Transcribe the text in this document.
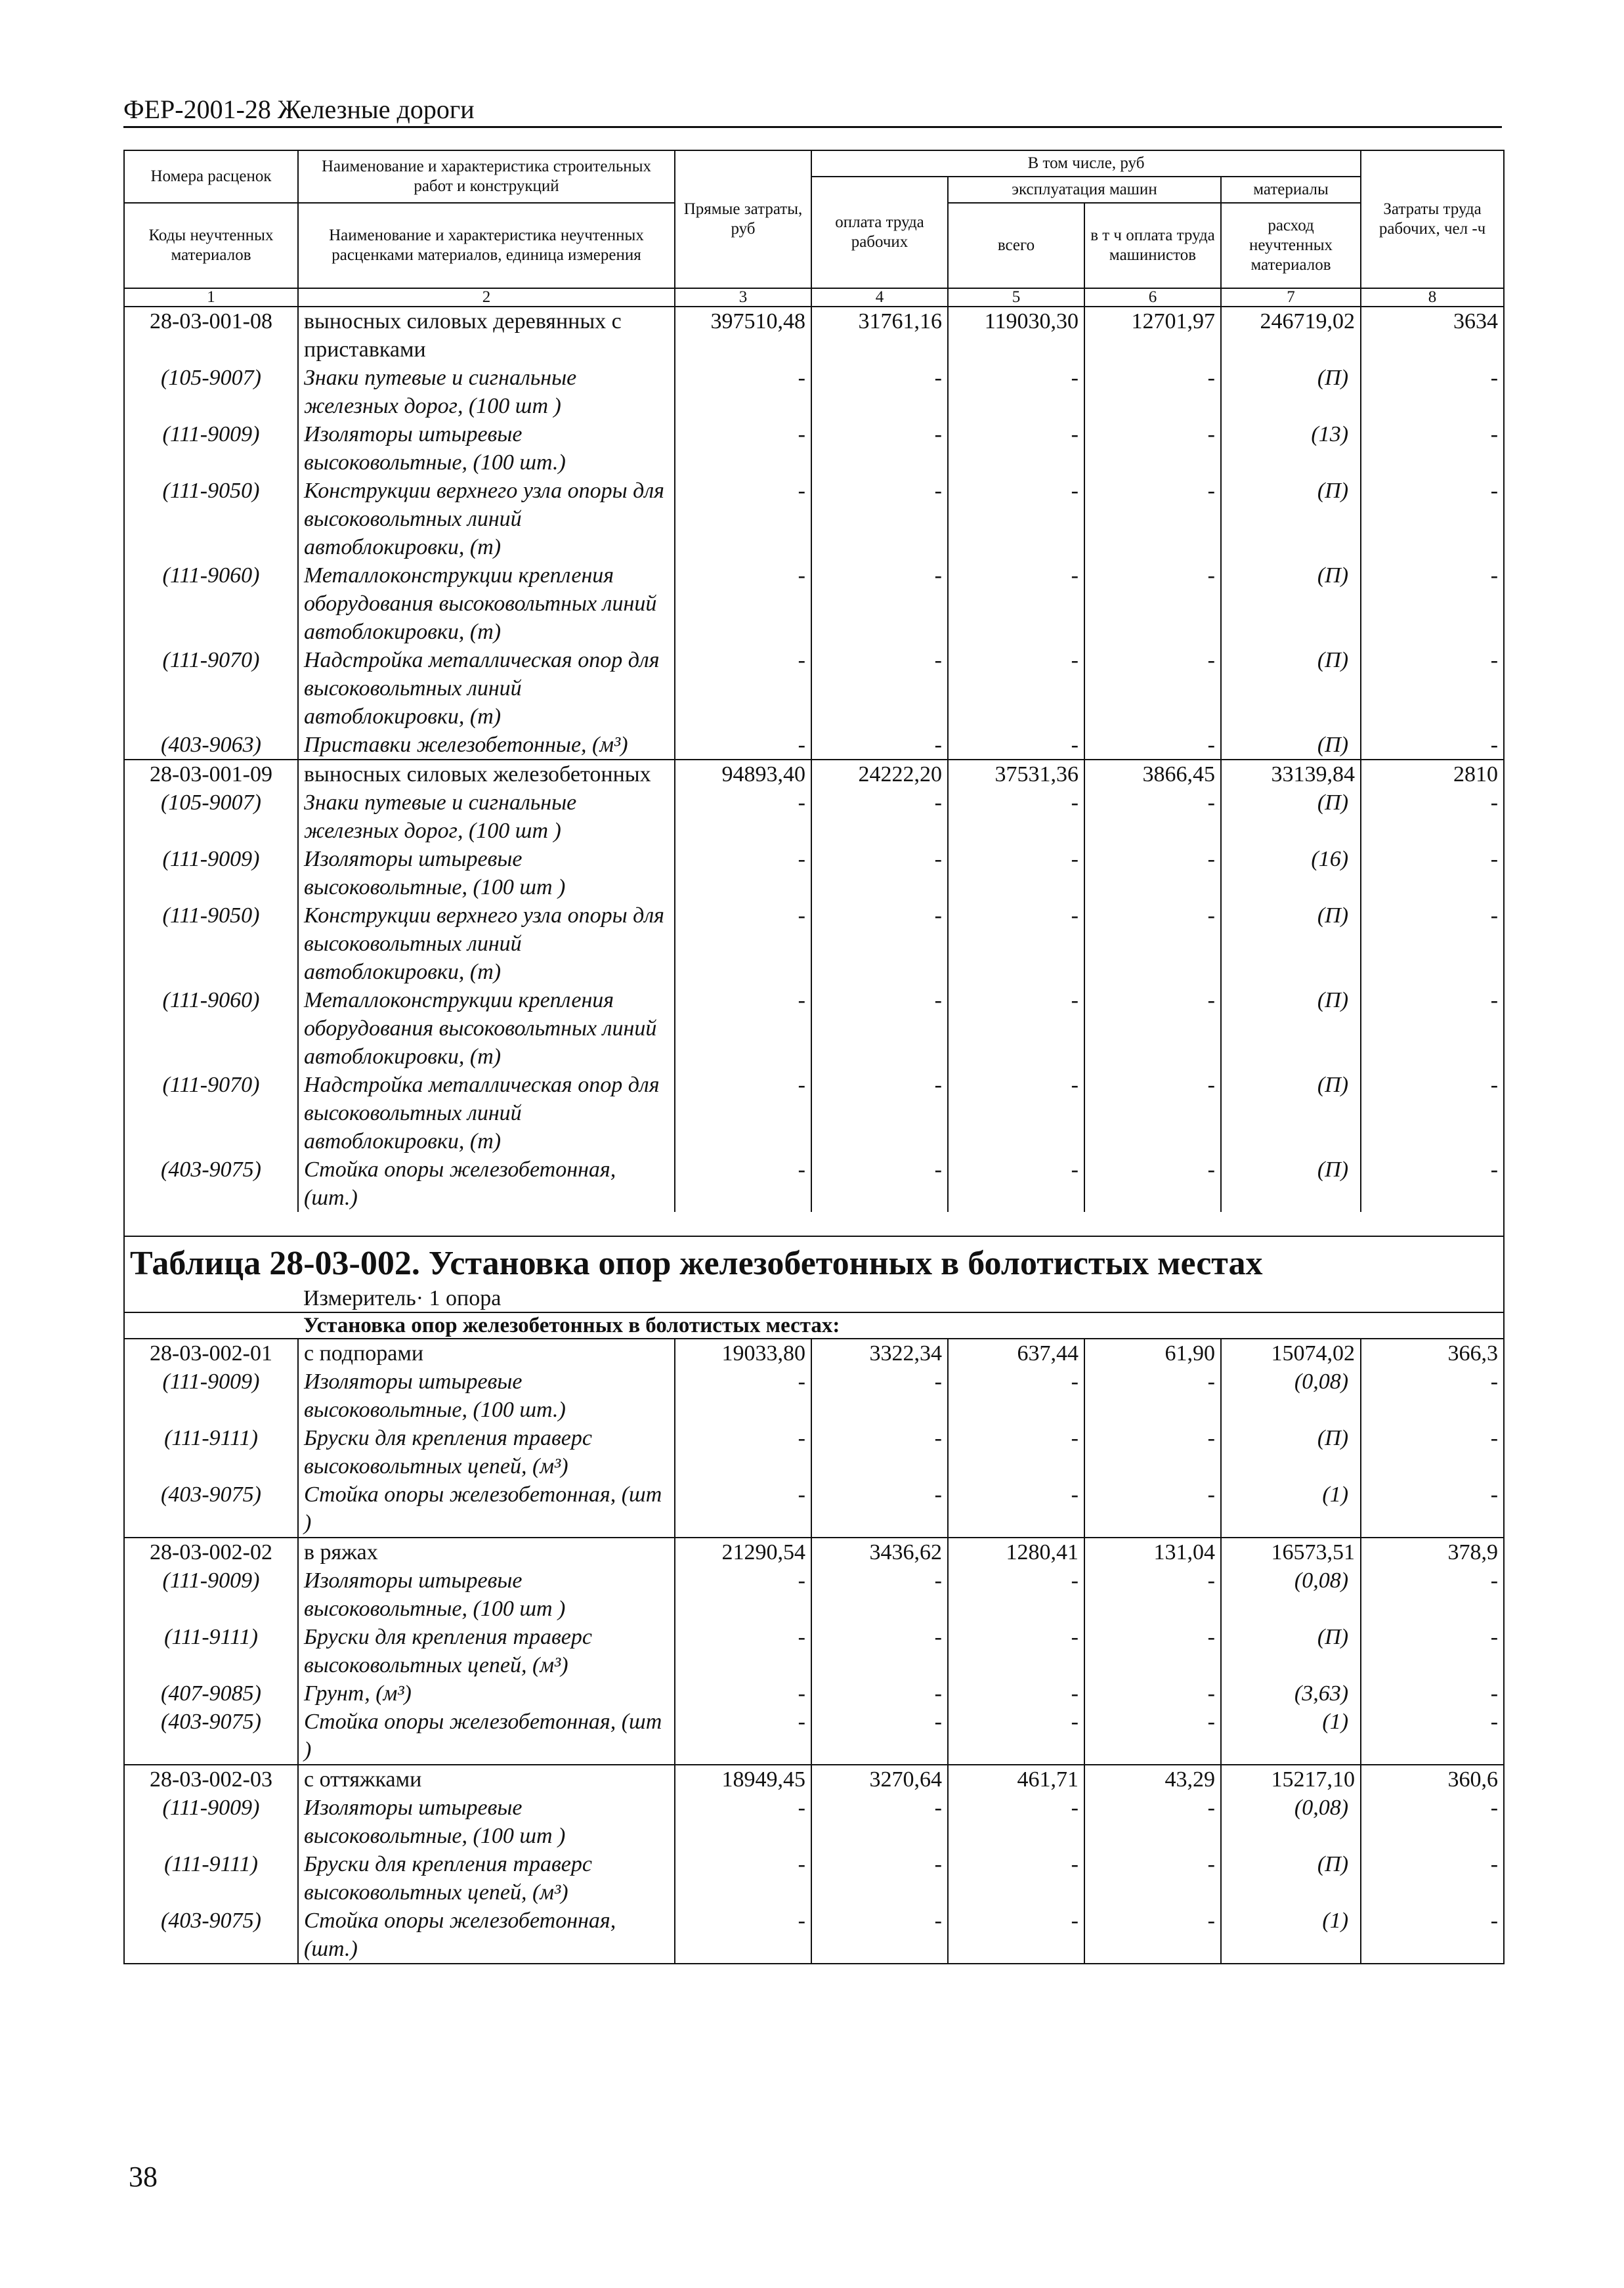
ФЕР-2001-28 Железные дороги
Номера расценок	Наименование и характеристика строительных работ и конструкций	Прямые затраты, руб	В том числе, руб				Затраты труда рабочих, чел -ч
			оплата труда рабочих	эксплуатация машин		материалы	
Коды неучтенных материалов	Наименование и характеристика неучтенных расценками материалов, единица измерения			всего	в т ч оплата труда машинистов	расход неучтенных материалов	

1	2	3	4	5	6	7	8
28-03-001-08	выносных силовых деревянных с приставками	397510,48	31761,16	119030,30	12701,97	246719,02	3634
(105-9007)	Знаки путевые и сигнальные железных дорог, (100 шт )	-	-	-	-	(П)	-
(111-9009)	Изоляторы штыревые высоковольтные, (100 шт.)	-	-	-	-	(13)	-
(111-9050)	Конструкции верхнего узла опоры для высоковольтных линий автоблокировки, (т)	-	-	-	-	(П)	-
(111-9060)	Металлоконструкции крепления оборудования высоковольтных линий автоблокировки, (т)	-	-	-	-	(П)	-
(111-9070)	Надстройка металлическая опор для высоковольтных линий автоблокировки, (т)	-	-	-	-	(П)	-
(403-9063)	Приставки железобетонные, (м³)	-	-	-	-	(П)	-
28-03-001-09	выносных силовых железобетонных	94893,40	24222,20	37531,36	3866,45	33139,84	2810
(105-9007)	Знаки путевые и сигнальные железных дорог, (100 шт )	-	-	-	-	(П)	-
(111-9009)	Изоляторы штыревые высоковольтные, (100 шт )	-	-	-	-	(16)	-
(111-9050)	Конструкции верхнего узла опоры для высоковольтных линий автоблокировки, (т)	-	-	-	-	(П)	-
(111-9060)	Металлоконструкции крепления оборудования высоковольтных линий автоблокировки, (т)	-	-	-	-	(П)	-
(111-9070)	Надстройка металлическая опор для высоковольтных линий автоблокировки, (т)	-	-	-	-	(П)	-
(403-9075)	Стойка опоры железобетонная, (шт.)	-	-	-	-	(П)	-

Таблица 28-03-002. Установка опор железобетонных в болотистых местах							
Измеритель· 1 опора							
Установка опор железобетонных в болотистых местах:							
28-03-002-01	с подпорами	19033,80	3322,34	637,44	61,90	15074,02	366,3
(111-9009)	Изоляторы штыревые высоковольтные, (100 шт.)	-	-	-	-	(0,08)	-
(111-9111)	Бруски для крепления траверс высоковольтных цепей, (м³)	-	-	-	-	(П)	-
(403-9075)	Стойка опоры железобетонная, (шт )	-	-	-	-	(1)	-
28-03-002-02	в ряжах	21290,54	3436,62	1280,41	131,04	16573,51	378,9
(111-9009)	Изоляторы штыревые высоковольтные, (100 шт )	-	-	-	-	(0,08)	-
(111-9111)	Бруски для крепления траверс высоковольтных цепей, (м³)	-	-	-	-	(П)	-
(407-9085)	Грунт, (м³)	-	-	-	-	(3,63)	-
(403-9075)	Стойка опоры железобетонная, (шт )	-	-	-	-	(1)	-
28-03-002-03	с оттяжками	18949,45	3270,64	461,71	43,29	15217,10	360,6
(111-9009)	Изоляторы штыревые высоковольтные, (100 шт )	-	-	-	-	(0,08)	-
(111-9111)	Бруски для крепления траверс высоковольтных цепей, (м³)	-	-	-	-	(П)	-
(403-9075)	Стойка опоры железобетонная, (шт.)	-	-	-	-	(1)	-
38
